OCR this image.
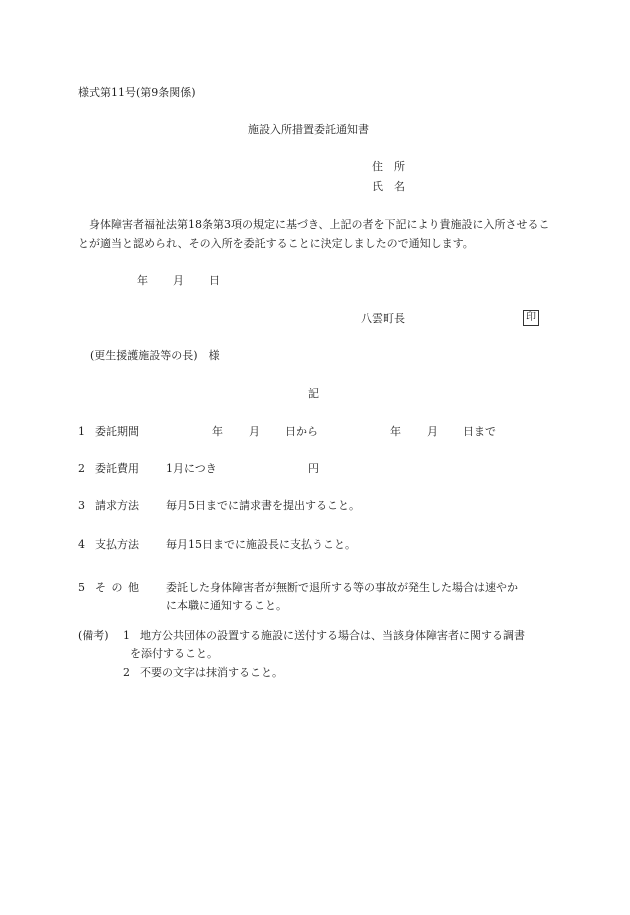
様式第11号(第9条関係)
施設入所措置委託通知書
住　所
氏　名
身体障害者福祉法第18条第3項の規定に基づき、上記の者を下記により貴施設に入所させることが適当と認められ、その入所を委託することに決定しましたので通知します。
年 月 日
八雲町長	印
(更生援護施設等の長)　様
記
1 委託期間	年 月 日から	年 月 日まで
2 委託費用 1月につき	円
3 請求方法 毎月5日までに請求書を提出すること。
4 支払方法 毎月15日までに施設長に支払うこと。
5 そ の 他 委託した身体障害者が無断で退所する等の事故が発生した場合は速やか
に本職に通知すること。
(備考) 1 地方公共団体の設置する施設に送付する場合は、当該身体障害者に関する調書
を添付すること。
2 不要の文字は抹消すること。
